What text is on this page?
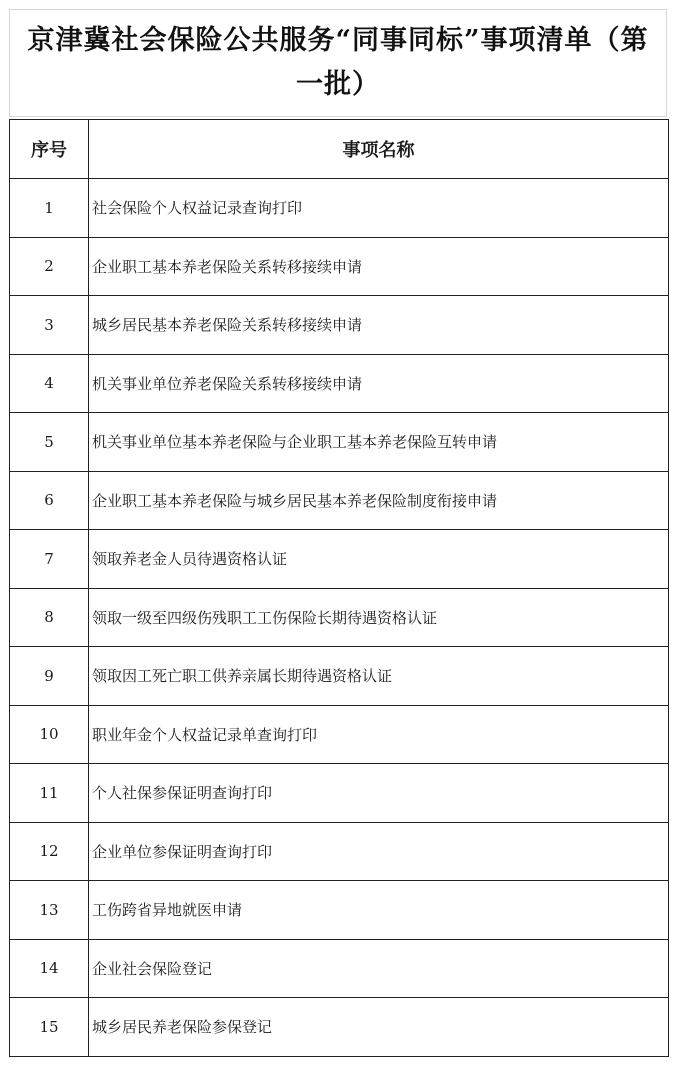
京津冀社会保险公共服务“同事同标”事项清单（第一批）
序号	事项名称
1	社会保险个人权益记录查询打印
2	企业职工基本养老保险关系转移接续申请
3	城乡居民基本养老保险关系转移接续申请
4	机关事业单位养老保险关系转移接续申请
5	机关事业单位基本养老保险与企业职工基本养老保险互转申请
6	企业职工基本养老保险与城乡居民基本养老保险制度衔接申请
7	领取养老金人员待遇资格认证
8	领取一级至四级伤残职工工伤保险长期待遇资格认证
9	领取因工死亡职工供养亲属长期待遇资格认证
10	职业年金个人权益记录单查询打印
11	个人社保参保证明查询打印
12	企业单位参保证明查询打印
13	工伤跨省异地就医申请
14	企业社会保险登记
15	城乡居民养老保险参保登记
